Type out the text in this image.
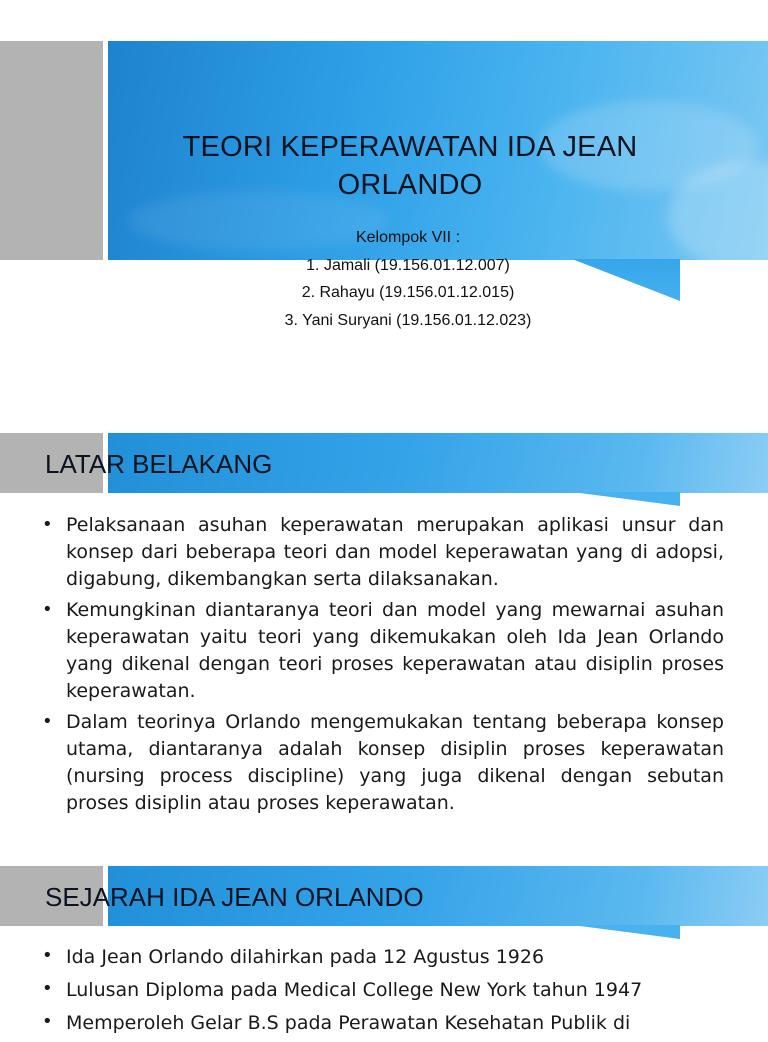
TEORI KEPERAWATAN IDA JEAN ORLANDO
Kelompok VII :
1. Jamali (19.156.01.12.007)
2. Rahayu (19.156.01.12.015)
3. Yani Suryani (19.156.01.12.023)
LATAR BELAKANG
• Pelaksanaan asuhan keperawatan merupakan aplikasi unsur dan konsep dari beberapa teori dan model keperawatan yang di adopsi, digabung, dikembangkan serta dilaksanakan.
• Kemungkinan diantaranya teori dan model yang mewarnai asuhan keperawatan yaitu teori yang dikemukakan oleh Ida Jean Orlando yang dikenal dengan teori proses keperawatan atau disiplin proses keperawatan.
• Dalam teorinya Orlando mengemukakan tentang beberapa konsep utama, diantaranya adalah konsep disiplin proses keperawatan (nursing process discipline) yang juga dikenal dengan sebutan proses disiplin atau proses keperawatan.
SEJARAH IDA JEAN ORLANDO
• Ida Jean Orlando dilahirkan pada 12 Agustus 1926
• Lulusan Diploma pada Medical College New York tahun 1947
• Memperoleh Gelar B.S pada Perawatan Kesehatan Publik di
